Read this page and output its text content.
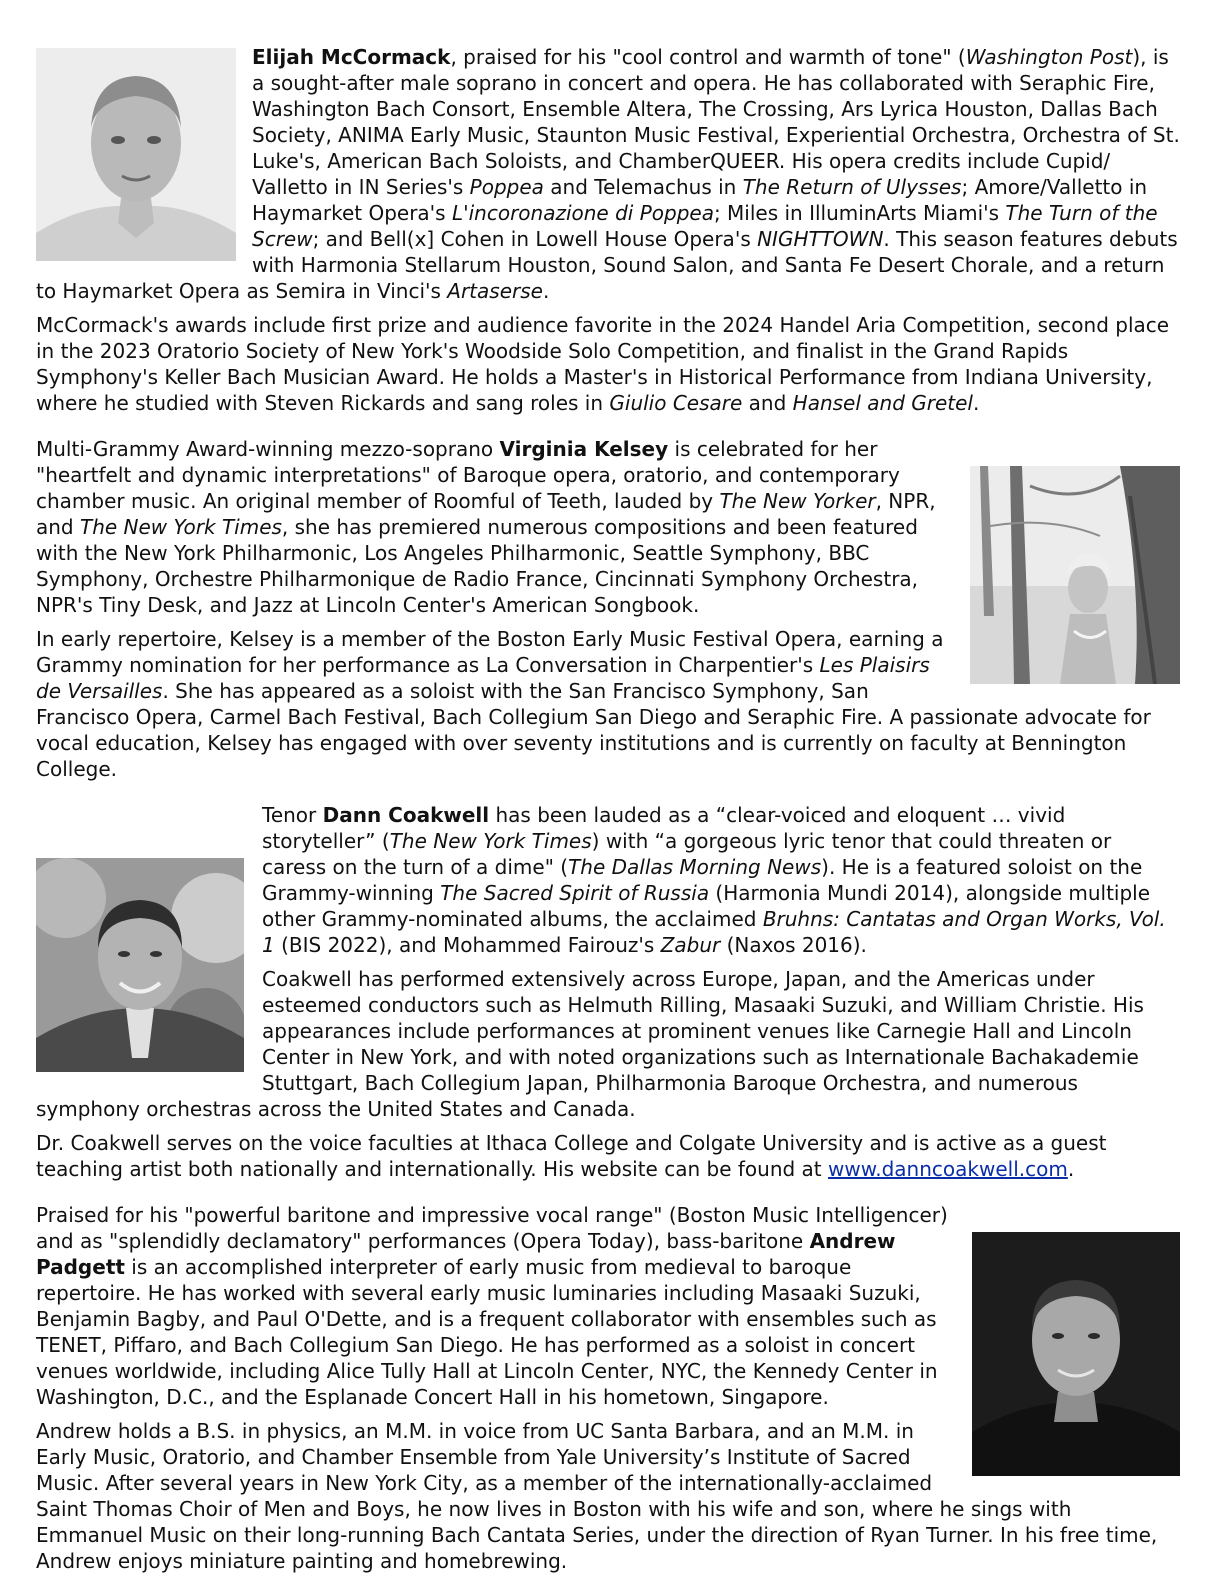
Elijah McCormack, praised for his "cool control and warmth of tone" (Washington Post), is a sought-after male soprano in concert and opera. He has collaborated with Seraphic Fire, Washington Bach Consort, Ensemble Altera, The Crossing, Ars Lyrica Houston, Dallas Bach Society, ANIMA Early Music, Staunton Music Festival, Experiential Orchestra, Orchestra of St. Luke's, American Bach Soloists, and ChamberQUEER. His opera credits include Cupid/ Valletto in IN Series's Poppea and Telemachus in The Return of Ulysses; Amore/Valletto in Haymarket Opera's L'incoronazione di Poppea; Miles in IlluminArts Miami's The Turn of the Screw; and Bell(x] Cohen in Lowell House Opera's NIGHTTOWN. This season features debuts with Harmonia Stellarum Houston, Sound Salon, and Santa Fe Desert Chorale, and a return to Haymarket Opera as Semira in Vinci's Artaserse.

McCormack's awards include first prize and audience favorite in the 2024 Handel Aria Competition, second place in the 2023 Oratorio Society of New York's Woodside Solo Competition, and finalist in the Grand Rapids Symphony's Keller Bach Musician Award. He holds a Master's in Historical Performance from Indiana University, where he studied with Steven Rickards and sang roles in Giulio Cesare and Hansel and Gretel.

Multi-Grammy Award-winning mezzo-soprano Virginia Kelsey is celebrated for her "heartfelt and dynamic interpretations" of Baroque opera, oratorio, and contemporary chamber music. An original member of Roomful of Teeth, lauded by The New Yorker, NPR, and The New York Times, she has premiered numerous compositions and been featured with the New York Philharmonic, Los Angeles Philharmonic, Seattle Symphony, BBC Symphony, Orchestre Philharmonique de Radio France, Cincinnati Symphony Orchestra, NPR's Tiny Desk, and Jazz at Lincoln Center's American Songbook.

In early repertoire, Kelsey is a member of the Boston Early Music Festival Opera, earning a Grammy nomination for her performance as La Conversation in Charpentier's Les Plaisirs de Versailles. She has appeared as a soloist with the San Francisco Symphony, San Francisco Opera, Carmel Bach Festival, Bach Collegium San Diego and Seraphic Fire. A passionate advocate for vocal education, Kelsey has engaged with over seventy institutions and is currently on faculty at Bennington College.

Tenor Dann Coakwell has been lauded as a “clear-voiced and eloquent … vivid storyteller” (The New York Times) with “a gorgeous lyric tenor that could threaten or caress on the turn of a dime" (The Dallas Morning News). He is a featured soloist on the Grammy-winning The Sacred Spirit of Russia (Harmonia Mundi 2014), alongside multiple other Grammy-nominated albums, the acclaimed Bruhns: Cantatas and Organ Works, Vol. 1 (BIS 2022), and Mohammed Fairouz's Zabur (Naxos 2016).

Coakwell has performed extensively across Europe, Japan, and the Americas under esteemed conductors such as Helmuth Rilling, Masaaki Suzuki, and William Christie. His appearances include performances at prominent venues like Carnegie Hall and Lincoln Center in New York, and with noted organizations such as Internationale Bachakademie Stuttgart, Bach Collegium Japan, Philharmonia Baroque Orchestra, and numerous symphony orchestras across the United States and Canada.

Dr. Coakwell serves on the voice faculties at Ithaca College and Colgate University and is active as a guest teaching artist both nationally and internationally. His website can be found at www.danncoakwell.com.

Praised for his "powerful baritone and impressive vocal range" (Boston Music Intelligencer) and as "splendidly declamatory" performances (Opera Today), bass-baritone Andrew Padgett is an accomplished interpreter of early music from medieval to baroque repertoire. He has worked with several early music luminaries including Masaaki Suzuki, Benjamin Bagby, and Paul O'Dette, and is a frequent collaborator with ensembles such as TENET, Piffaro, and Bach Collegium San Diego. He has performed as a soloist in concert venues worldwide, including Alice Tully Hall at Lincoln Center, NYC, the Kennedy Center in Washington, D.C., and the Esplanade Concert Hall in his hometown, Singapore.

Andrew holds a B.S. in physics, an M.M. in voice from UC Santa Barbara, and an M.M. in Early Music, Oratorio, and Chamber Ensemble from Yale University’s Institute of Sacred Music. After several years in New York City, as a member of the internationally-acclaimed Saint Thomas Choir of Men and Boys, he now lives in Boston with his wife and son, where he sings with Emmanuel Music on their long-running Bach Cantata Series, under the direction of Ryan Turner. In his free time, Andrew enjoys miniature painting and homebrewing.
